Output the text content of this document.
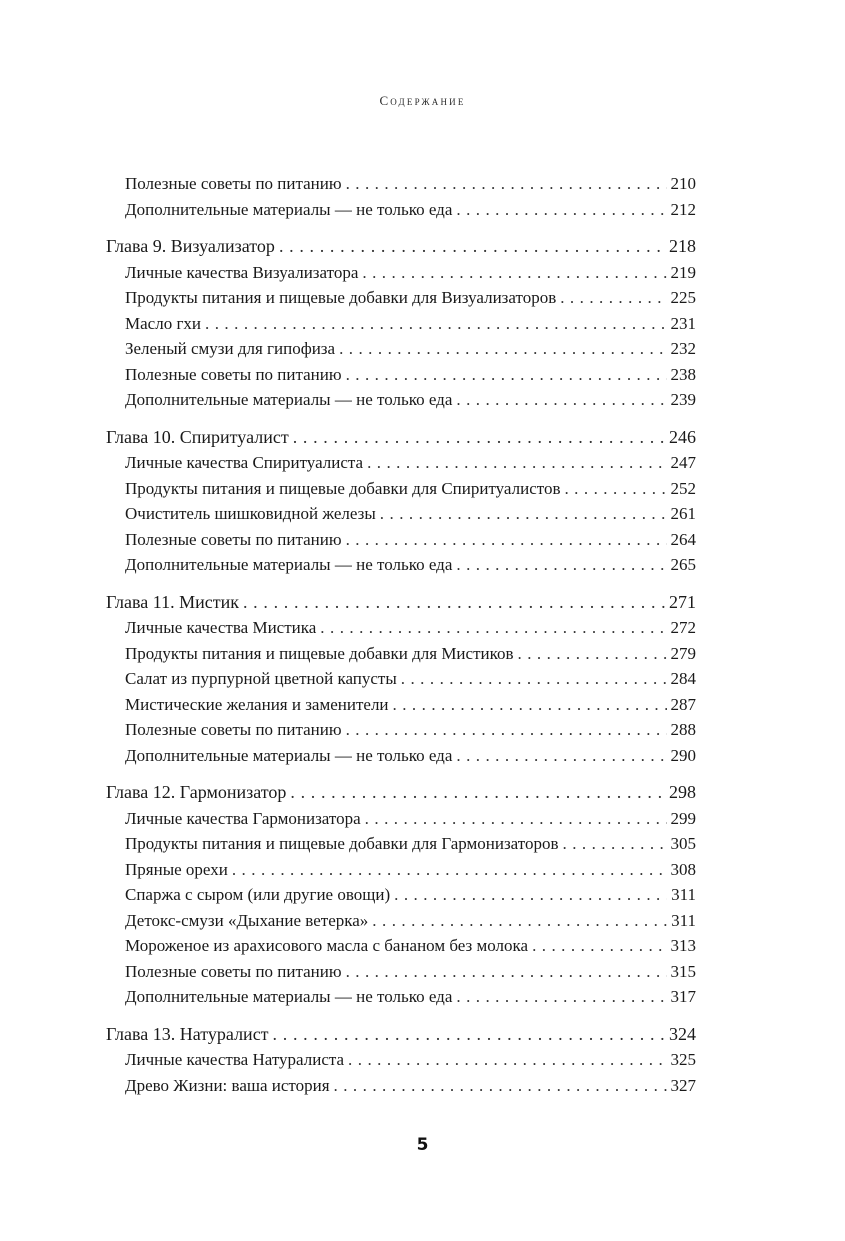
Содержание
Полезные советы по питанию . . .	210
Дополнительные материалы — не только еда . . .	212
Глава 9. Визуализатор . . .	218
Личные качества Визуализатора . . .	219
Продукты питания и пищевые добавки для Визуализаторов . . .	225
Масло гхи . . .	231
Зеленый смузи для гипофиза . . .	232
Полезные советы по питанию . . .	238
Дополнительные материалы — не только еда . . .	239
Глава 10. Спиритуалист . . .	246
Личные качества Спиритуалиста . . .	247
Продукты питания и пищевые добавки для Спиритуалистов . . .	252
Очиститель шишковидной железы . . .	261
Полезные советы по питанию . . .	264
Дополнительные материалы — не только еда . . .	265
Глава 11. Мистик . . .	271
Личные качества Мистика . . .	272
Продукты питания и пищевые добавки для Мистиков . . .	279
Салат из пурпурной цветной капусты . . .	284
Мистические желания и заменители . . .	287
Полезные советы по питанию . . .	288
Дополнительные материалы — не только еда . . .	290
Глава 12. Гармонизатор . . .	298
Личные качества Гармонизатора . . .	299
Продукты питания и пищевые добавки для Гармонизаторов . . .	305
Пряные орехи . . .	308
Спаржа с сыром (или другие овощи) . . .	311
Детокс-смузи «Дыхание ветерка» . . .	311
Мороженое из арахисового масла с бананом без молока . . .	313
Полезные советы по питанию . . .	315
Дополнительные материалы — не только еда . . .	317
Глава 13. Натуралист . . .	324
Личные качества Натуралиста . . .	325
Древо Жизни: ваша история . . .	327
5
